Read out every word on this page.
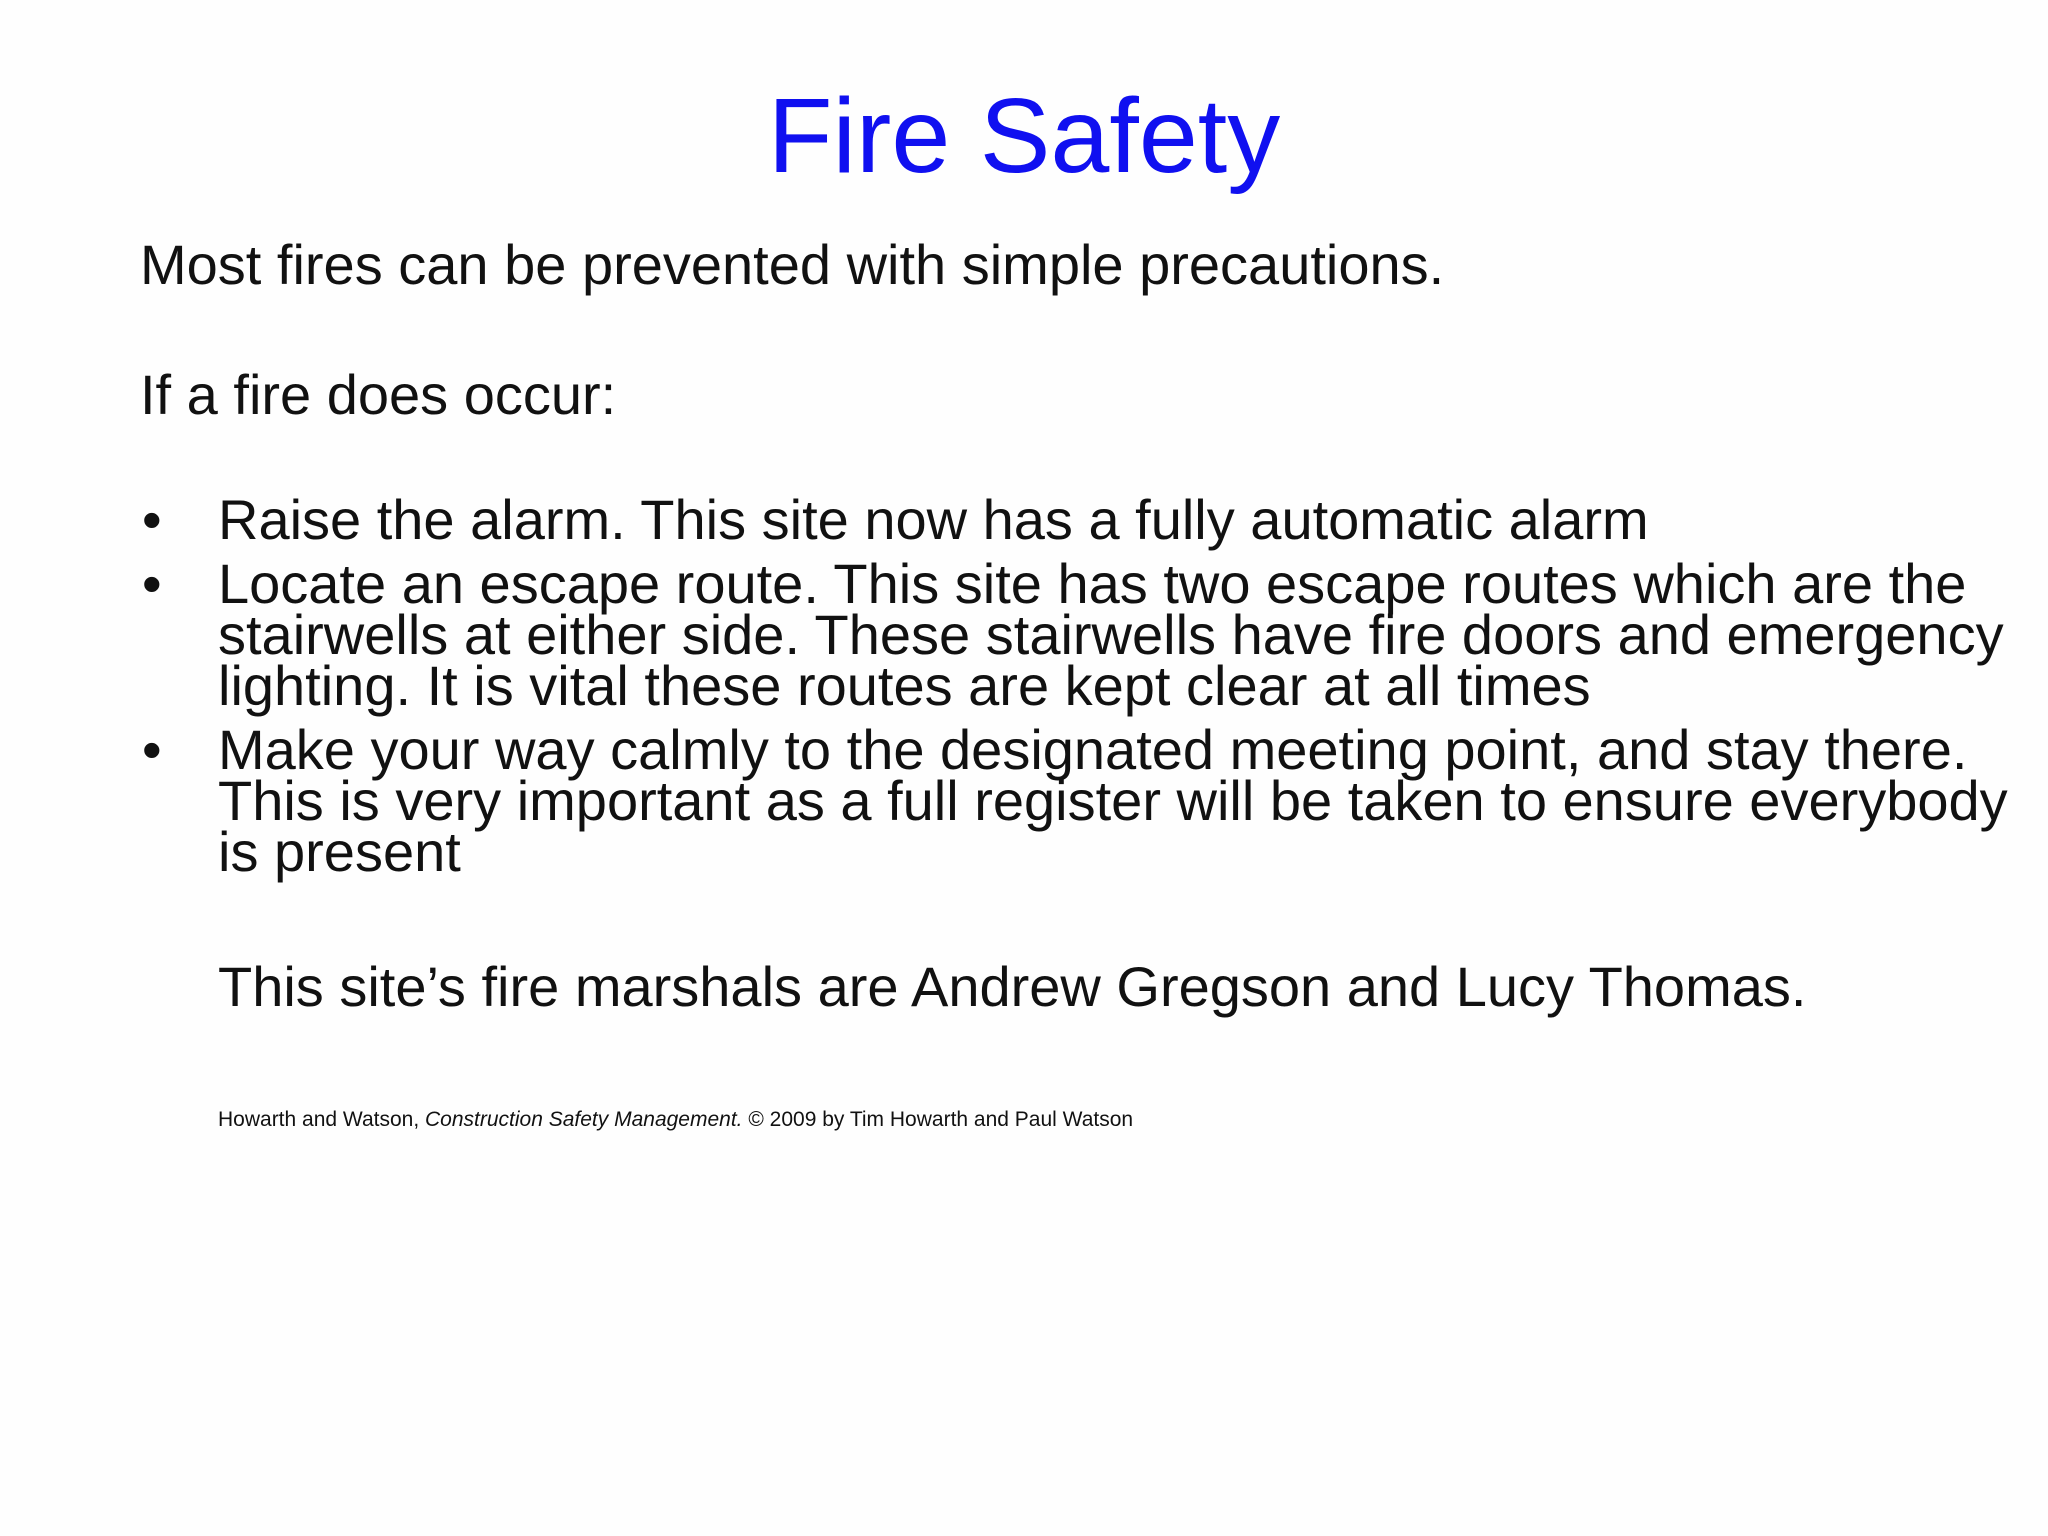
Fire Safety

Most fires can be prevented with simple precautions.

If a fire does occur:

• Raise the alarm. This site now has a fully automatic alarm
• Locate an escape route. This site has two escape routes which are the stairwells at either side. These stairwells have fire doors and emergency lighting. It is vital these routes are kept clear at all times
• Make your way calmly to the designated meeting point, and stay there. This is very important as a full register will be taken to ensure everybody is present

This site’s fire marshals are Andrew Gregson and Lucy Thomas.

Howarth and Watson, Construction Safety Management. © 2009 by Tim Howarth and Paul Watson
